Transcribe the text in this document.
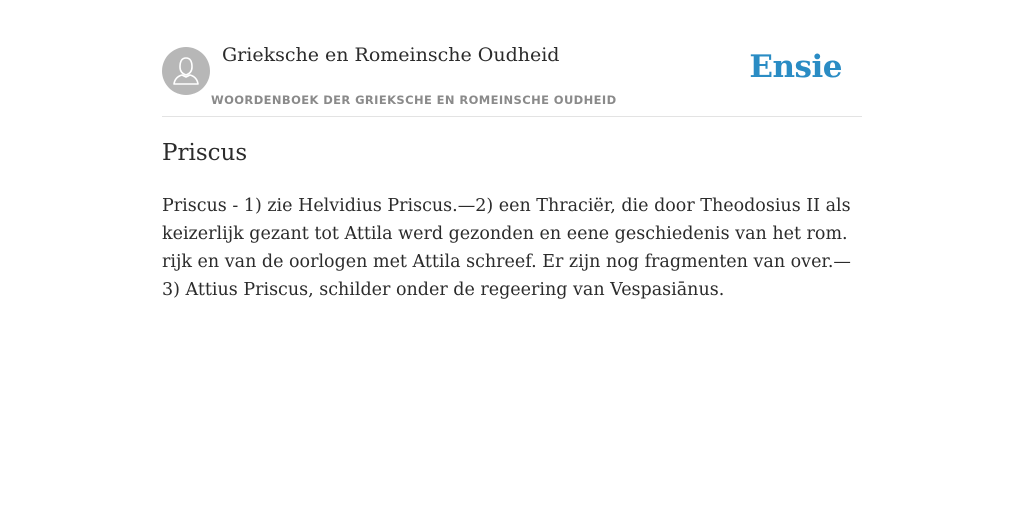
Grieksche en Romeinsche Oudheid
WOORDENBOEK DER GRIEKSCHE EN ROMEINSCHE OUDHEID
Ensie
Priscus

Priscus - 1) zie Helvidius Priscus.—2) een Thraciër, die door Theodosius II als keizerlijk gezant tot Attila werd gezonden en eene geschiedenis van het rom. rijk en van de oorlogen met Attila schreef. Er zijn nog fragmenten van over.—3) Attius Priscus, schilder onder de regeering van Vespasiānus.
